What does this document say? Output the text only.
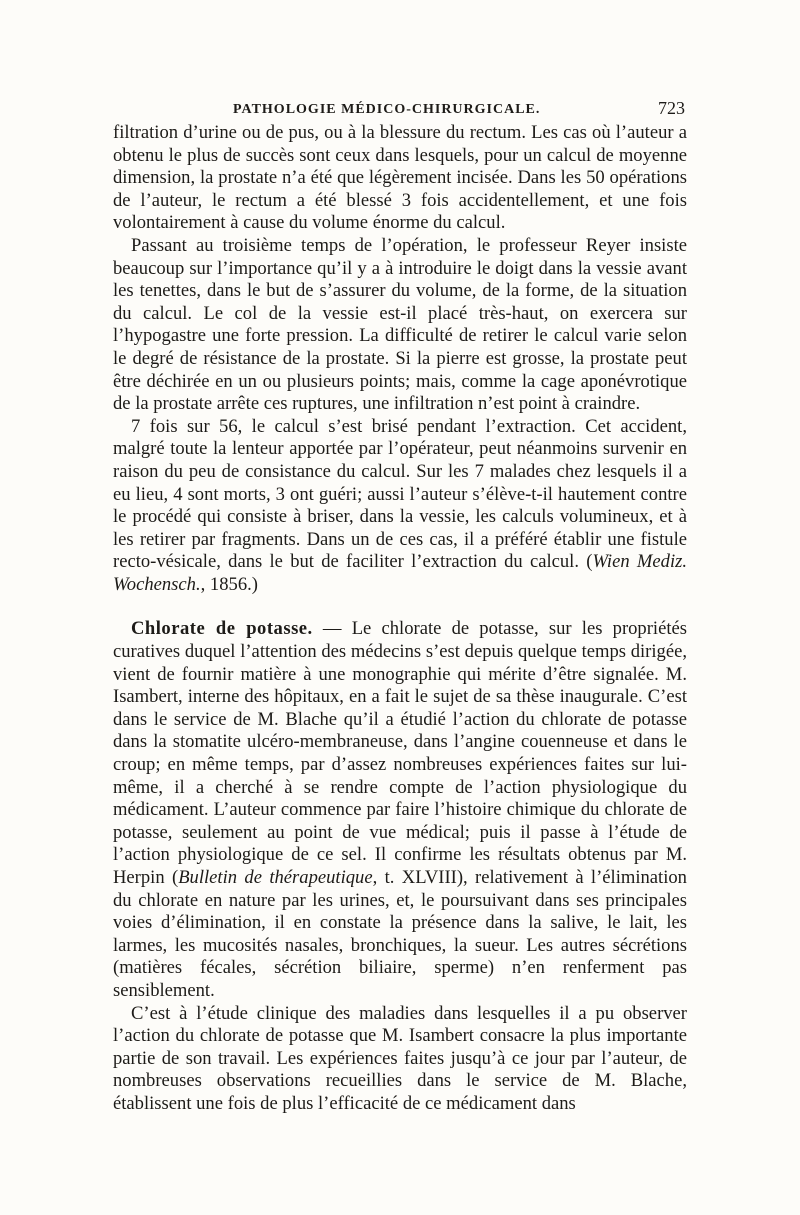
PATHOLOGIE MÉDICO-CHIRURGICALE.	723

filtration d’urine ou de pus, ou à la blessure du rectum. Les cas où l’auteur a obtenu le plus de succès sont ceux dans lesquels, pour un calcul de moyenne dimension, la prostate n’a été que légèrement incisée. Dans les 50 opérations de l’auteur, le rectum a été blessé 3 fois accidentellement, et une fois volontairement à cause du volume énorme du calcul.

Passant au troisième temps de l’opération, le professeur Reyer insiste beaucoup sur l’importance qu’il y a à introduire le doigt dans la vessie avant les tenettes, dans le but de s’assurer du volume, de la forme, de la situation du calcul. Le col de la vessie est-il placé très-haut, on exercera sur l’hypogastre une forte pression. La difficulté de retirer le calcul varie selon le degré de résistance de la prostate. Si la pierre est grosse, la prostate peut être déchirée en un ou plusieurs points; mais, comme la cage aponévrotique de la prostate arrête ces ruptures, une infiltration n’est point à craindre.

7 fois sur 56, le calcul s’est brisé pendant l’extraction. Cet accident, malgré toute la lenteur apportée par l’opérateur, peut néanmoins survenir en raison du peu de consistance du calcul. Sur les 7 malades chez lesquels il a eu lieu, 4 sont morts, 3 ont guéri; aussi l’auteur s’élève-t-il hautement contre le procédé qui consiste à briser, dans la vessie, les calculs volumineux, et à les retirer par fragments. Dans un de ces cas, il a préféré établir une fistule recto-vésicale, dans le but de faciliter l’extraction du calcul. (Wien Mediz. Wochensch., 1856.)

Chlorate de potasse. — Le chlorate de potasse, sur les propriétés curatives duquel l’attention des médecins s’est depuis quelque temps dirigée, vient de fournir matière à une monographie qui mérite d’être signalée. M. Isambert, interne des hôpitaux, en a fait le sujet de sa thèse inaugurale. C’est dans le service de M. Blache qu’il a étudié l’action du chlorate de potasse dans la stomatite ulcéro-membraneuse, dans l’angine couenneuse et dans le croup; en même temps, par d’assez nombreuses expériences faites sur lui-même, il a cherché à se rendre compte de l’action physiologique du médicament. L’auteur commence par faire l’histoire chimique du chlorate de potasse, seulement au point de vue médical; puis il passe à l’étude de l’action physiologique de ce sel. Il confirme les résultats obtenus par M. Herpin (Bulletin de thérapeutique, t. XLVIII), relativement à l’élimination du chlorate en nature par les urines, et, le poursuivant dans ses principales voies d’élimination, il en constate la présence dans la salive, le lait, les larmes, les mucosités nasales, bronchiques, la sueur. Les autres sécrétions (matières fécales, sécrétion biliaire, sperme) n’en renferment pas sensiblement.

C’est à l’étude clinique des maladies dans lesquelles il a pu observer l’action du chlorate de potasse que M. Isambert consacre la plus importante partie de son travail. Les expériences faites jusqu’à ce jour par l’auteur, de nombreuses observations recueillies dans le service de M. Blache, établissent une fois de plus l’efficacité de ce médicament dans
